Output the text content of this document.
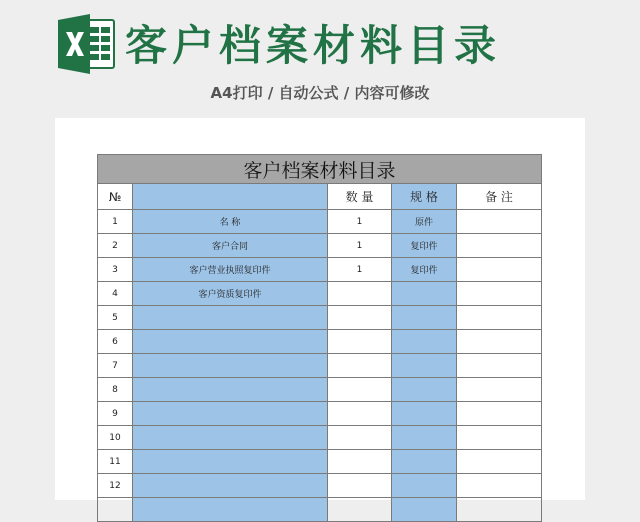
客户档案材料目录
A4打印 / 自动公式 / 内容可修改
客户档案材料目录				
№		数 量	规 格	备 注
1	名 称	1	原件	
2	客户合同	1	复印件	
3	客户营业执照复印件	1	复印件	
4	客户资质复印件			
5				
6				
7				
8				
9				
10				
11				
12				
